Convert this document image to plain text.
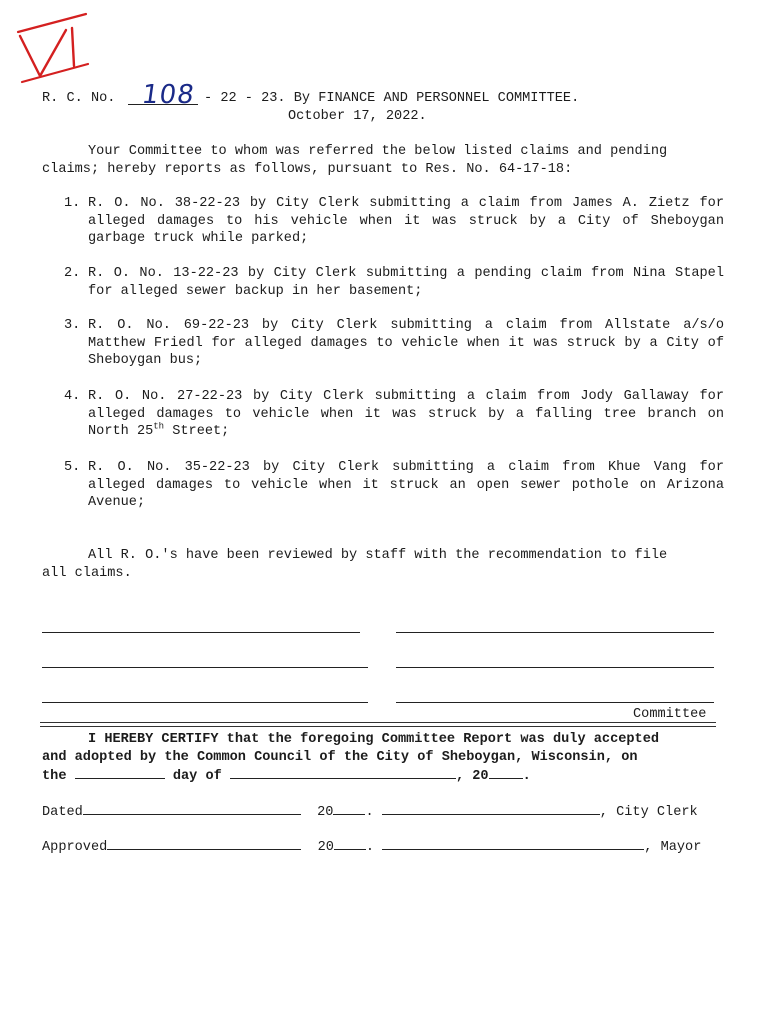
R. C. No. 108 - 22 - 23. By FINANCE AND PERSONNEL COMMITTEE.
October 17, 2022.
Your Committee to whom was referred the below listed claims and pending
claims; hereby reports as follows, pursuant to Res. No. 64-17-18:
1. R. O. No. 38-22-23 by City Clerk submitting a claim from James A. Zietz for alleged damages to his vehicle when it was struck by a City of Sheboygan garbage truck while parked;
2. R. O. No. 13-22-23 by City Clerk submitting a pending claim from Nina Stapel for alleged sewer backup in her basement;
3. R. O. No. 69-22-23 by City Clerk submitting a claim from Allstate a/s/o Matthew Friedl for alleged damages to vehicle when it was struck by a City of Sheboygan bus;
4. R. O. No. 27-22-23 by City Clerk submitting a claim from Jody Gallaway for alleged damages to vehicle when it was struck by a falling tree branch on North 25th Street;
5. R. O. No. 35-22-23 by City Clerk submitting a claim from Khue Vang for alleged damages to vehicle when it struck an open sewer pothole on Arizona Avenue;
All R. O.'s have been reviewed by staff with the recommendation to file
all claims.
Committee
I HEREBY CERTIFY that the foregoing Committee Report was duly accepted
and adopted by the Common Council of the City of Sheboygan, Wisconsin, on
the	day of	, 20	.
Dated	20 .	, City Clerk
Approved	20 .	, Mayor
